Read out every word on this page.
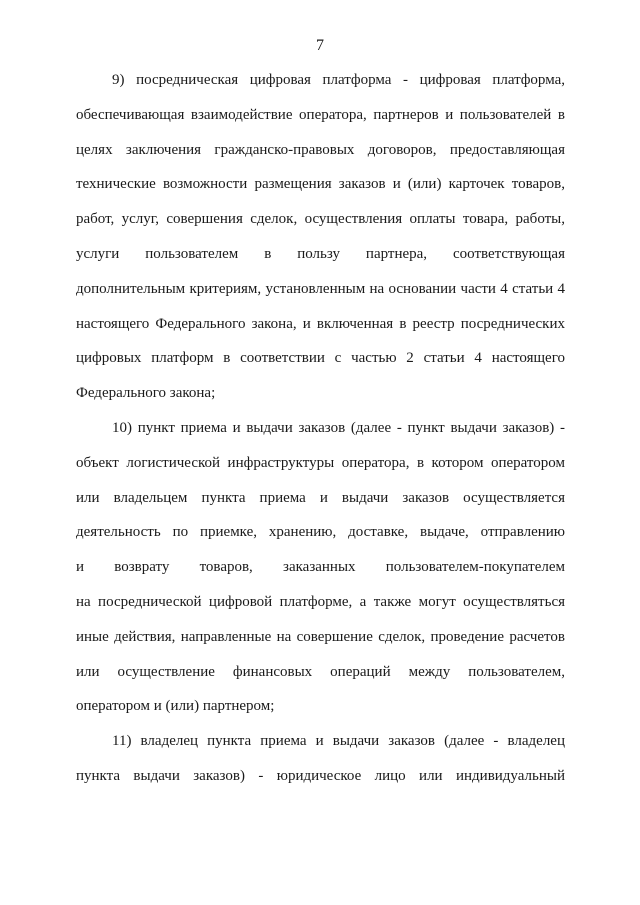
7
9) посредническая цифровая платформа - цифровая платформа,
обеспечивающая взаимодействие оператора, партнеров и пользователей в
целях заключения гражданско-правовых договоров, предоставляющая
технические возможности размещения заказов и (или) карточек товаров,
работ, услуг, совершения сделок, осуществления оплаты товара, работы,
услуги пользователем в пользу партнера, соответствующая
дополнительным критериям, установленным на основании части 4 статьи 4
настоящего Федерального закона, и включенная в реестр посреднических
цифровых платформ в соответствии с частью 2 статьи 4 настоящего
Федерального закона;
10) пункт приема и выдачи заказов (далее - пункт выдачи заказов) -
объект логистической инфраструктуры оператора, в котором оператором
или владельцем пункта приема и выдачи заказов осуществляется
деятельность по приемке, хранению, доставке, выдаче, отправлению
и возврату товаров, заказанных пользователем-покупателем
на посреднической цифровой платформе, а также могут осуществляться
иные действия, направленные на совершение сделок, проведение расчетов
или осуществление финансовых операций между пользователем,
оператором и (или) партнером;
11) владелец пункта приема и выдачи заказов (далее - владелец
пункта выдачи заказов) - юридическое лицо или индивидуальный
